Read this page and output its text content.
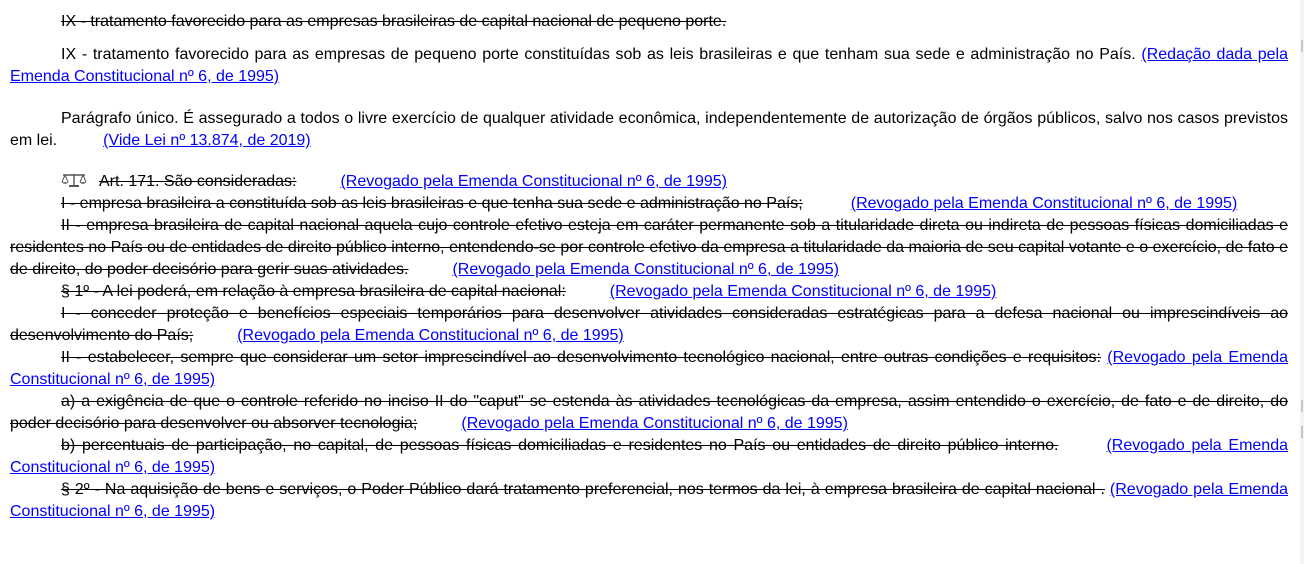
IX - tratamento favorecido para as empresas brasileiras de capital nacional de pequeno porte.

IX - tratamento favorecido para as empresas de pequeno porte constituídas sob as leis brasileiras e que tenham sua sede e administração no País. (Redação dada pela Emenda Constitucional nº 6, de 1995)

Parágrafo único. É assegurado a todos o livre exercício de qualquer atividade econômica, independentemente de autorização de órgãos públicos, salvo nos casos previstos em lei.	(Vide Lei nº 13.874, de 2019)

Art. 171. São consideradas:	(Revogado pela Emenda Constitucional nº 6, de 1995)

I - empresa brasileira a constituída sob as leis brasileiras e que tenha sua sede e administração no País;	(Revogado pela Emenda Constitucional nº 6, de 1995)

II - empresa brasileira de capital nacional aquela cujo controle efetivo esteja em caráter permanente sob a titularidade direta ou indireta de pessoas físicas domiciliadas e residentes no País ou de entidades de direito público interno, entendendo-se por controle efetivo da empresa a titularidade da maioria de seu capital votante e o exercício, de fato e de direito, do poder decisório para gerir suas atividades.	(Revogado pela Emenda Constitucional nº 6, de 1995)

§ 1º - A lei poderá, em relação à empresa brasileira de capital nacional:	(Revogado pela Emenda Constitucional nº 6, de 1995)

I - conceder proteção e benefícios especiais temporários para desenvolver atividades consideradas estratégicas para a defesa nacional ou imprescindíveis ao desenvolvimento do País;	(Revogado pela Emenda Constitucional nº 6, de 1995)

II - estabelecer, sempre que considerar um setor imprescindível ao desenvolvimento tecnológico nacional, entre outras condições e requisitos: (Revogado pela Emenda Constitucional nº 6, de 1995)

a) a exigência de que o controle referido no inciso II do "caput" se estenda às atividades tecnológicas da empresa, assim entendido o exercício, de fato e de direito, do poder decisório para desenvolver ou absorver tecnologia;	(Revogado pela Emenda Constitucional nº 6, de 1995)

b) percentuais de participação, no capital, de pessoas físicas domiciliadas e residentes no País ou entidades de direito público interno.	(Revogado pela Emenda Constitucional nº 6, de 1995)

§ 2º - Na aquisição de bens e serviços, o Poder Público dará tratamento preferencial, nos termos da lei, à empresa brasileira de capital nacional . (Revogado pela Emenda Constitucional nº 6, de 1995)
